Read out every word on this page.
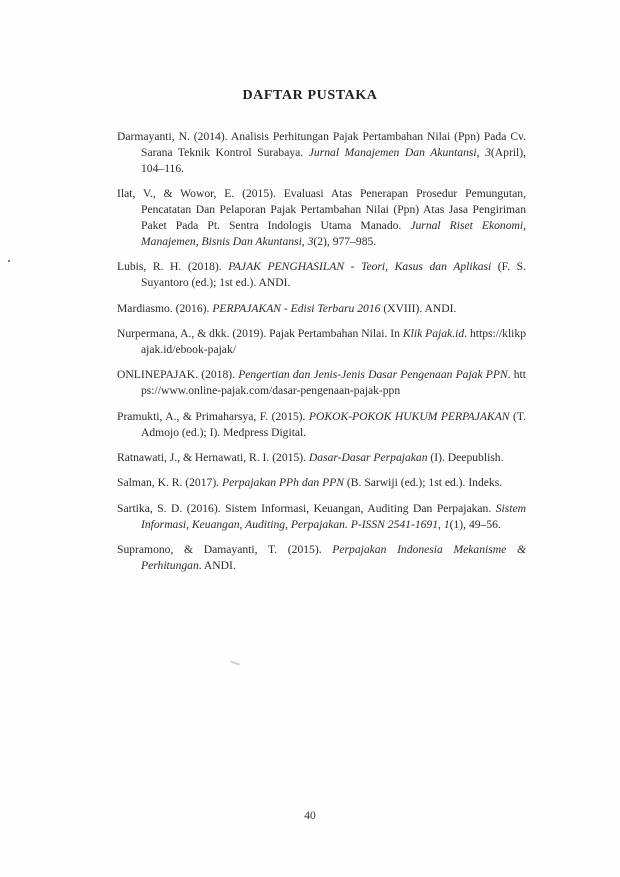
DAFTAR PUSTAKA

Darmayanti, N. (2014). Analisis Perhitungan Pajak Pertambahan Nilai (Ppn) Pada Cv. Sarana Teknik Kontrol Surabaya. Jurnal Manajemen Dan Akuntansi, 3(April), 104–116.

Ilat, V., & Wowor, E. (2015). Evaluasi Atas Penerapan Prosedur Pemungutan, Pencatatan Dan Pelaporan Pajak Pertambahan Nilai (Ppn) Atas Jasa Pengiriman Paket Pada Pt. Sentra Indologis Utama Manado. Jurnal Riset Ekonomi, Manajemen, Bisnis Dan Akuntansi, 3(2), 977–985.

Lubis, R. H. (2018). PAJAK PENGHASILAN - Teori, Kasus dan Aplikasi (F. S. Suyantoro (ed.); 1st ed.). ANDI.

Mardiasmo. (2016). PERPAJAKAN - Edisi Terbaru 2016 (XVIII). ANDI.

Nurpermana, A., & dkk. (2019). Pajak Pertambahan Nilai. In Klik Pajak.id. https://klikpajak.id/ebook-pajak/

ONLINEPAJAK. (2018). Pengertian dan Jenis-Jenis Dasar Pengenaan Pajak PPN. https://www.online-pajak.com/dasar-pengenaan-pajak-ppn

Pramukti, A., & Primaharsya, F. (2015). POKOK-POKOK HUKUM PERPAJAKAN (T. Admojo (ed.); I). Medpress Digital.

Ratnawati, J., & Hernawati, R. I. (2015). Dasar-Dasar Perpajakan (I). Deepublish.

Salman, K. R. (2017). Perpajakan PPh dan PPN (B. Sarwiji (ed.); 1st ed.). Indeks.

Sartika, S. D. (2016). Sistem Informasi, Keuangan, Auditing Dan Perpajakan. Sistem Informasi, Keuangan, Auditing, Perpajakan. P-ISSN 2541-1691, 1(1), 49–56.

Supramono, & Damayanti, T. (2015). Perpajakan Indonesia Mekanisme & Perhitungan. ANDI.

40
